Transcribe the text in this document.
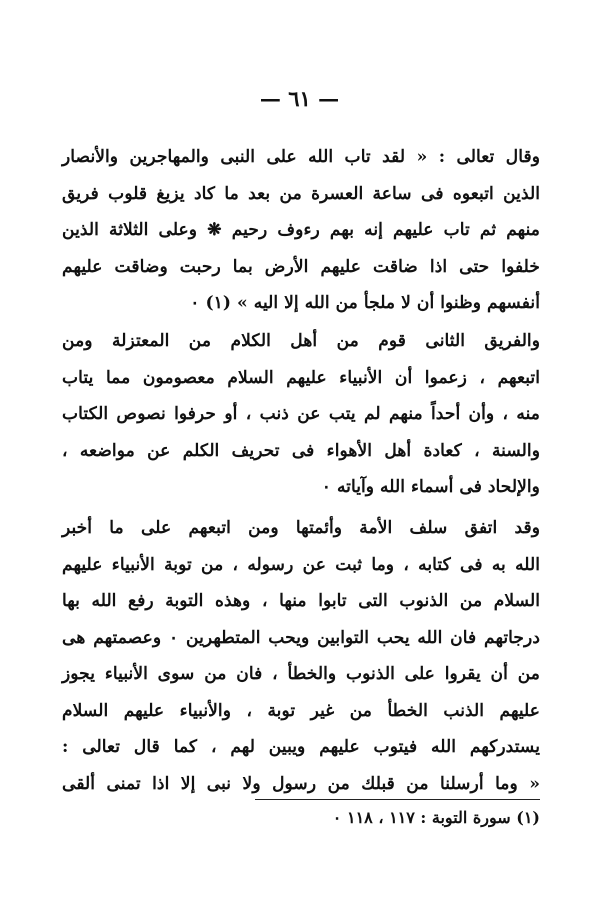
— ٦١ —
وقال تعالى : « لقد تاب الله على النبى والمهاجرين والأنصار
الذين اتبعوه فى ساعة العسرة من بعد ما كاد يزيغ قلوب فريق
منهم ثم تاب عليهم إنه بهم رءوف رحيم ❋ وعلى الثلاثة الذين
خلفوا حتى اذا ضاقت عليهم الأرض بما رحبت وضاقت عليهم
أنفسهم وظنوا أن لا ملجأ من الله إلا اليه » (١) ٠
والفريق الثانى قوم من أهل الكلام من المعتزلة ومن
اتبعهم ، زعموا أن الأنبياء عليهم السلام معصومون مما يتاب
منه ، وأن أحداً منهم لم يتب عن ذنب ، أو حرفوا نصوص الكتاب
والسنة ، كعادة أهل الأهواء فى تحريف الكلم عن مواضعه ،
والإلحاد فى أسماء الله وآياته ٠
وقد اتفق سلف الأمة وأئمتها ومن اتبعهم على ما أخبر
الله به فى كتابه ، وما ثبت عن رسوله ، من توبة الأنبياء عليهم
السلام من الذنوب التى تابوا منها ، وهذه التوبة رفع الله بها
درجاتهم فان الله يحب التوابين ويحب المتطهرين ٠ وعصمتهم هى
من أن يقروا على الذنوب والخطأ ، فان من سوى الأنبياء يجوز
عليهم الذنب الخطأ من غير توبة ، والأنبياء عليهم السلام
يستدركهم الله فيتوب عليهم ويبين لهم ، كما قال تعالى :
« وما أرسلنا من قبلك من رسول ولا نبى إلا اذا تمنى ألقى
(١) سورة التوبة : ١١٧ ، ١١٨ ٠
